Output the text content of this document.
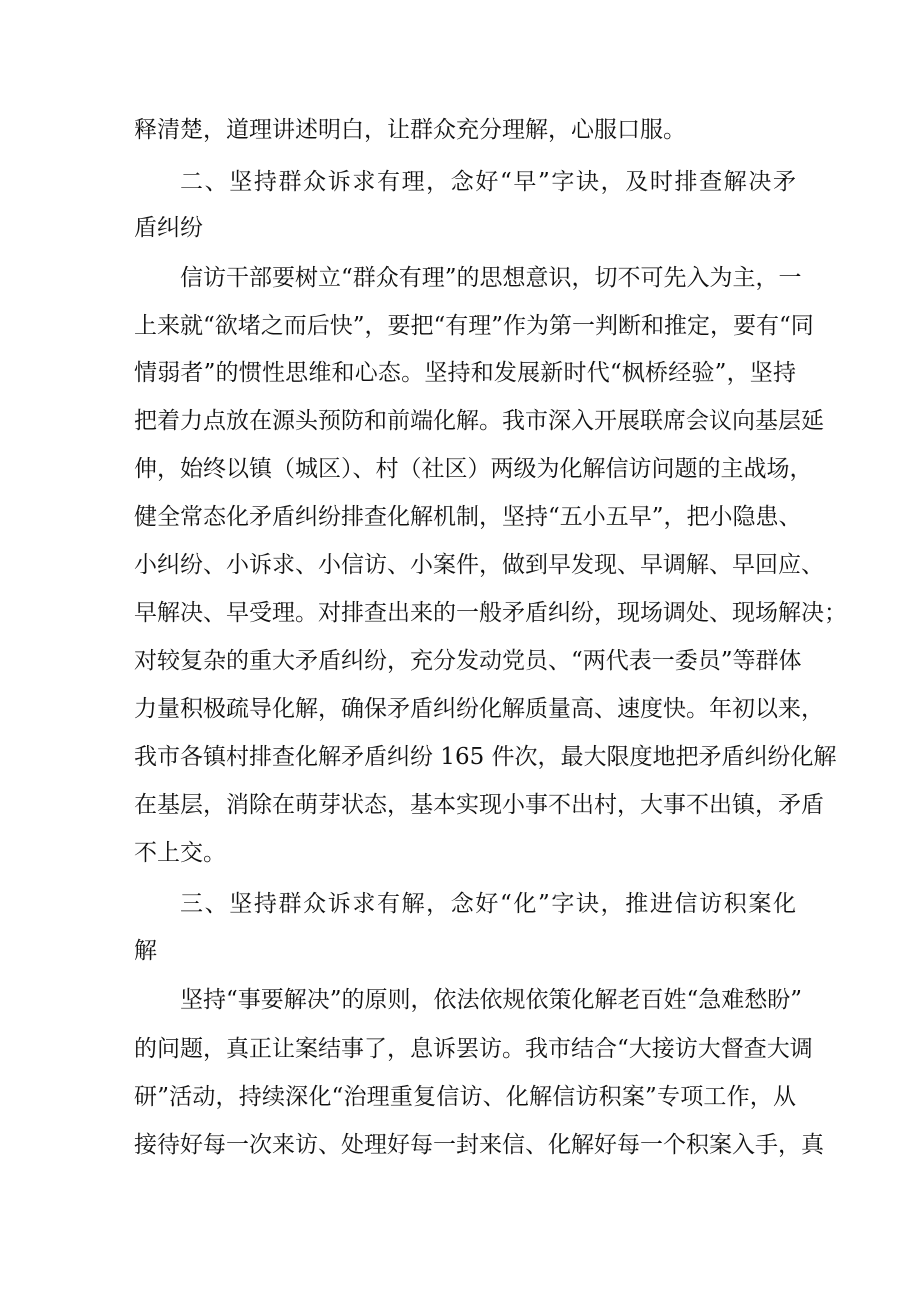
释清楚，道理讲述明白，让群众充分理解，心服口服。

二、坚持群众诉求有理，念好“早”字诀，及时排查解决矛

盾纠纷

信访干部要树立“群众有理”的思想意识，切不可先入为主，一

上来就“欲堵之而后快”，要把“有理”作为第一判断和推定，要有“同

情弱者”的惯性思维和心态。坚持和发展新时代“枫桥经验”，坚持

把着力点放在源头预防和前端化解。我市深入开展联席会议向基层延

伸，始终以镇（城区）、村（社区）两级为化解信访问题的主战场，

健全常态化矛盾纠纷排查化解机制，坚持“五小五早”，把小隐患、

小纠纷、小诉求、小信访、小案件，做到早发现、早调解、早回应、

早解决、早受理。对排查出来的一般矛盾纠纷，现场调处、现场解决；

对较复杂的重大矛盾纠纷，充分发动党员、“两代表一委员”等群体

力量积极疏导化解，确保矛盾纠纷化解质量高、速度快。年初以来，

我市各镇村排查化解矛盾纠纷 165 件次，最大限度地把矛盾纠纷化解

在基层，消除在萌芽状态，基本实现小事不出村，大事不出镇，矛盾

不上交。

三、坚持群众诉求有解，念好“化”字诀，推进信访积案化

解

坚持“事要解决”的原则，依法依规依策化解老百姓“急难愁盼”

的问题，真正让案结事了，息诉罢访。我市结合“大接访大督查大调

研”活动，持续深化“治理重复信访、化解信访积案”专项工作，从

接待好每一次来访、处理好每一封来信、化解好每一个积案入手，真
